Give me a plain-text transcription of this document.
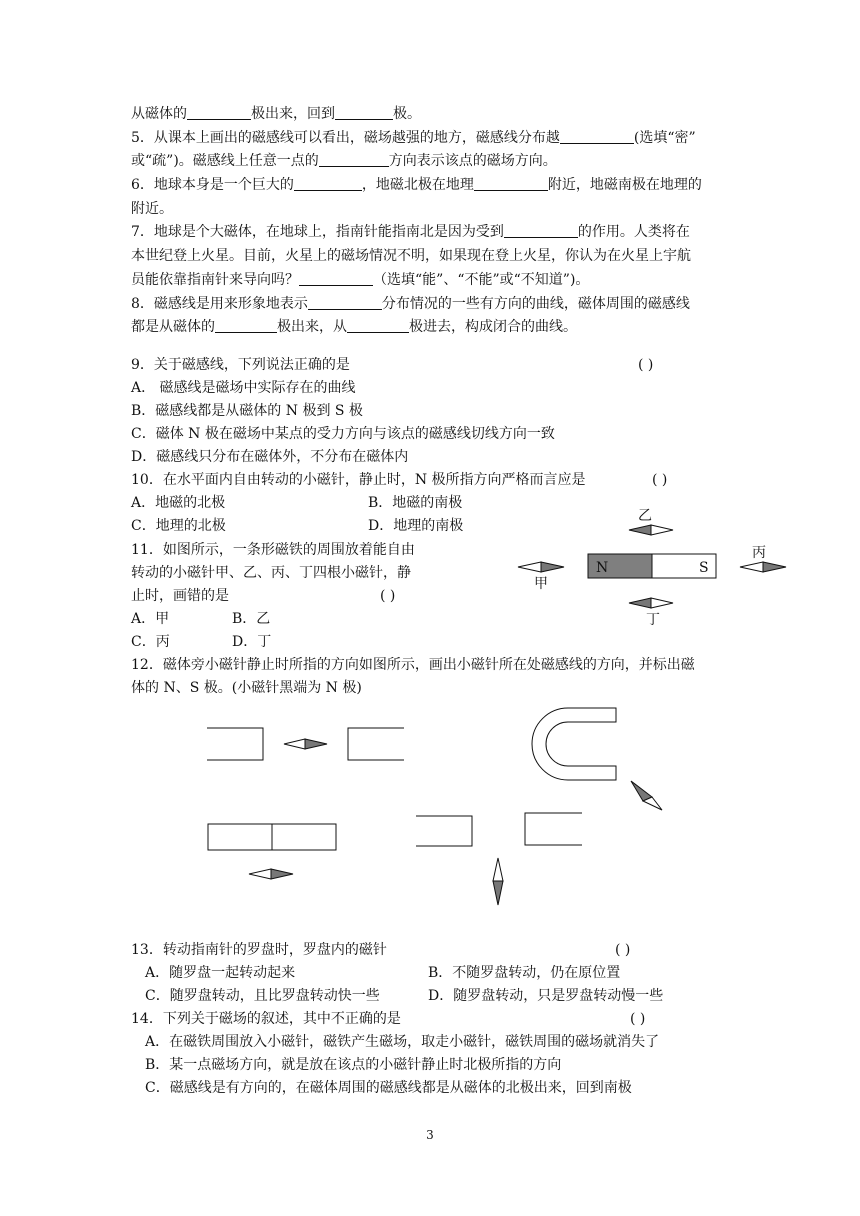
从磁体的	极出来，回到	极。
5．从课本上画出的磁感线可以看出，磁场越强的地方，磁感线分布越	(选填“密”
或“疏”)。磁感线上任意一点的	方向表示该点的磁场方向。
6．地球本身是一个巨大的	，地磁北极在地理	附近，地磁南极在地理的
附近。
7．地球是个大磁体，在地球上，指南针能指南北是因为受到	的作用。人类将在
本世纪登上火星。目前，火星上的磁场情况不明，如果现在登上火星，你认为在火星上宇航
员能依靠指南针来导向吗？	（选填“能”、“不能”或“不知道”)。
8．磁感线是用来形象地表示	分布情况的一些有方向的曲线，磁体周围的磁感线
都是从磁体的	极出来，从	极进去，构成闭合的曲线。
9．关于磁感线，下列说法正确的是	( )
A． 磁感线是磁场中实际存在的曲线
B．磁感线都是从磁体的 N 极到 S 极
C．磁体 N 极在磁场中某点的受力方向与该点的磁感线切线方向一致
D．磁感线只分布在磁体外，不分布在磁体内
10．在水平面内自由转动的小磁针，静止时，N 极所指方向严格而言应是	( )
A．地磁的北极	B．地磁的南极
C．地理的北极	D．地理的南极
11．如图所示，一条形磁铁的周围放着能自由
转动的小磁针甲、乙、丙、丁四根小磁针，静
止时，画错的是	( )
A．甲	B．乙
C．丙	D．丁
12．磁体旁小磁针静止时所指的方向如图所示，画出小磁针所在处磁感线的方向，并标出磁
体的 N、S 极。(小磁针黑端为 N 极)
N	S
甲
乙
丙
丁
13．转动指南针的罗盘时，罗盘内的磁针	( )
A．随罗盘一起转动起来	B．不随罗盘转动，仍在原位置
C．随罗盘转动，且比罗盘转动快一些	D．随罗盘转动，只是罗盘转动慢一些
14．下列关于磁场的叙述，其中不正确的是	( )
A．在磁铁周围放入小磁针，磁铁产生磁场，取走小磁针，磁铁周围的磁场就消失了
B．某一点磁场方向，就是放在该点的小磁针静止时北极所指的方向
C．磁感线是有方向的，在磁体周围的磁感线都是从磁体的北极出来，回到南极
3
